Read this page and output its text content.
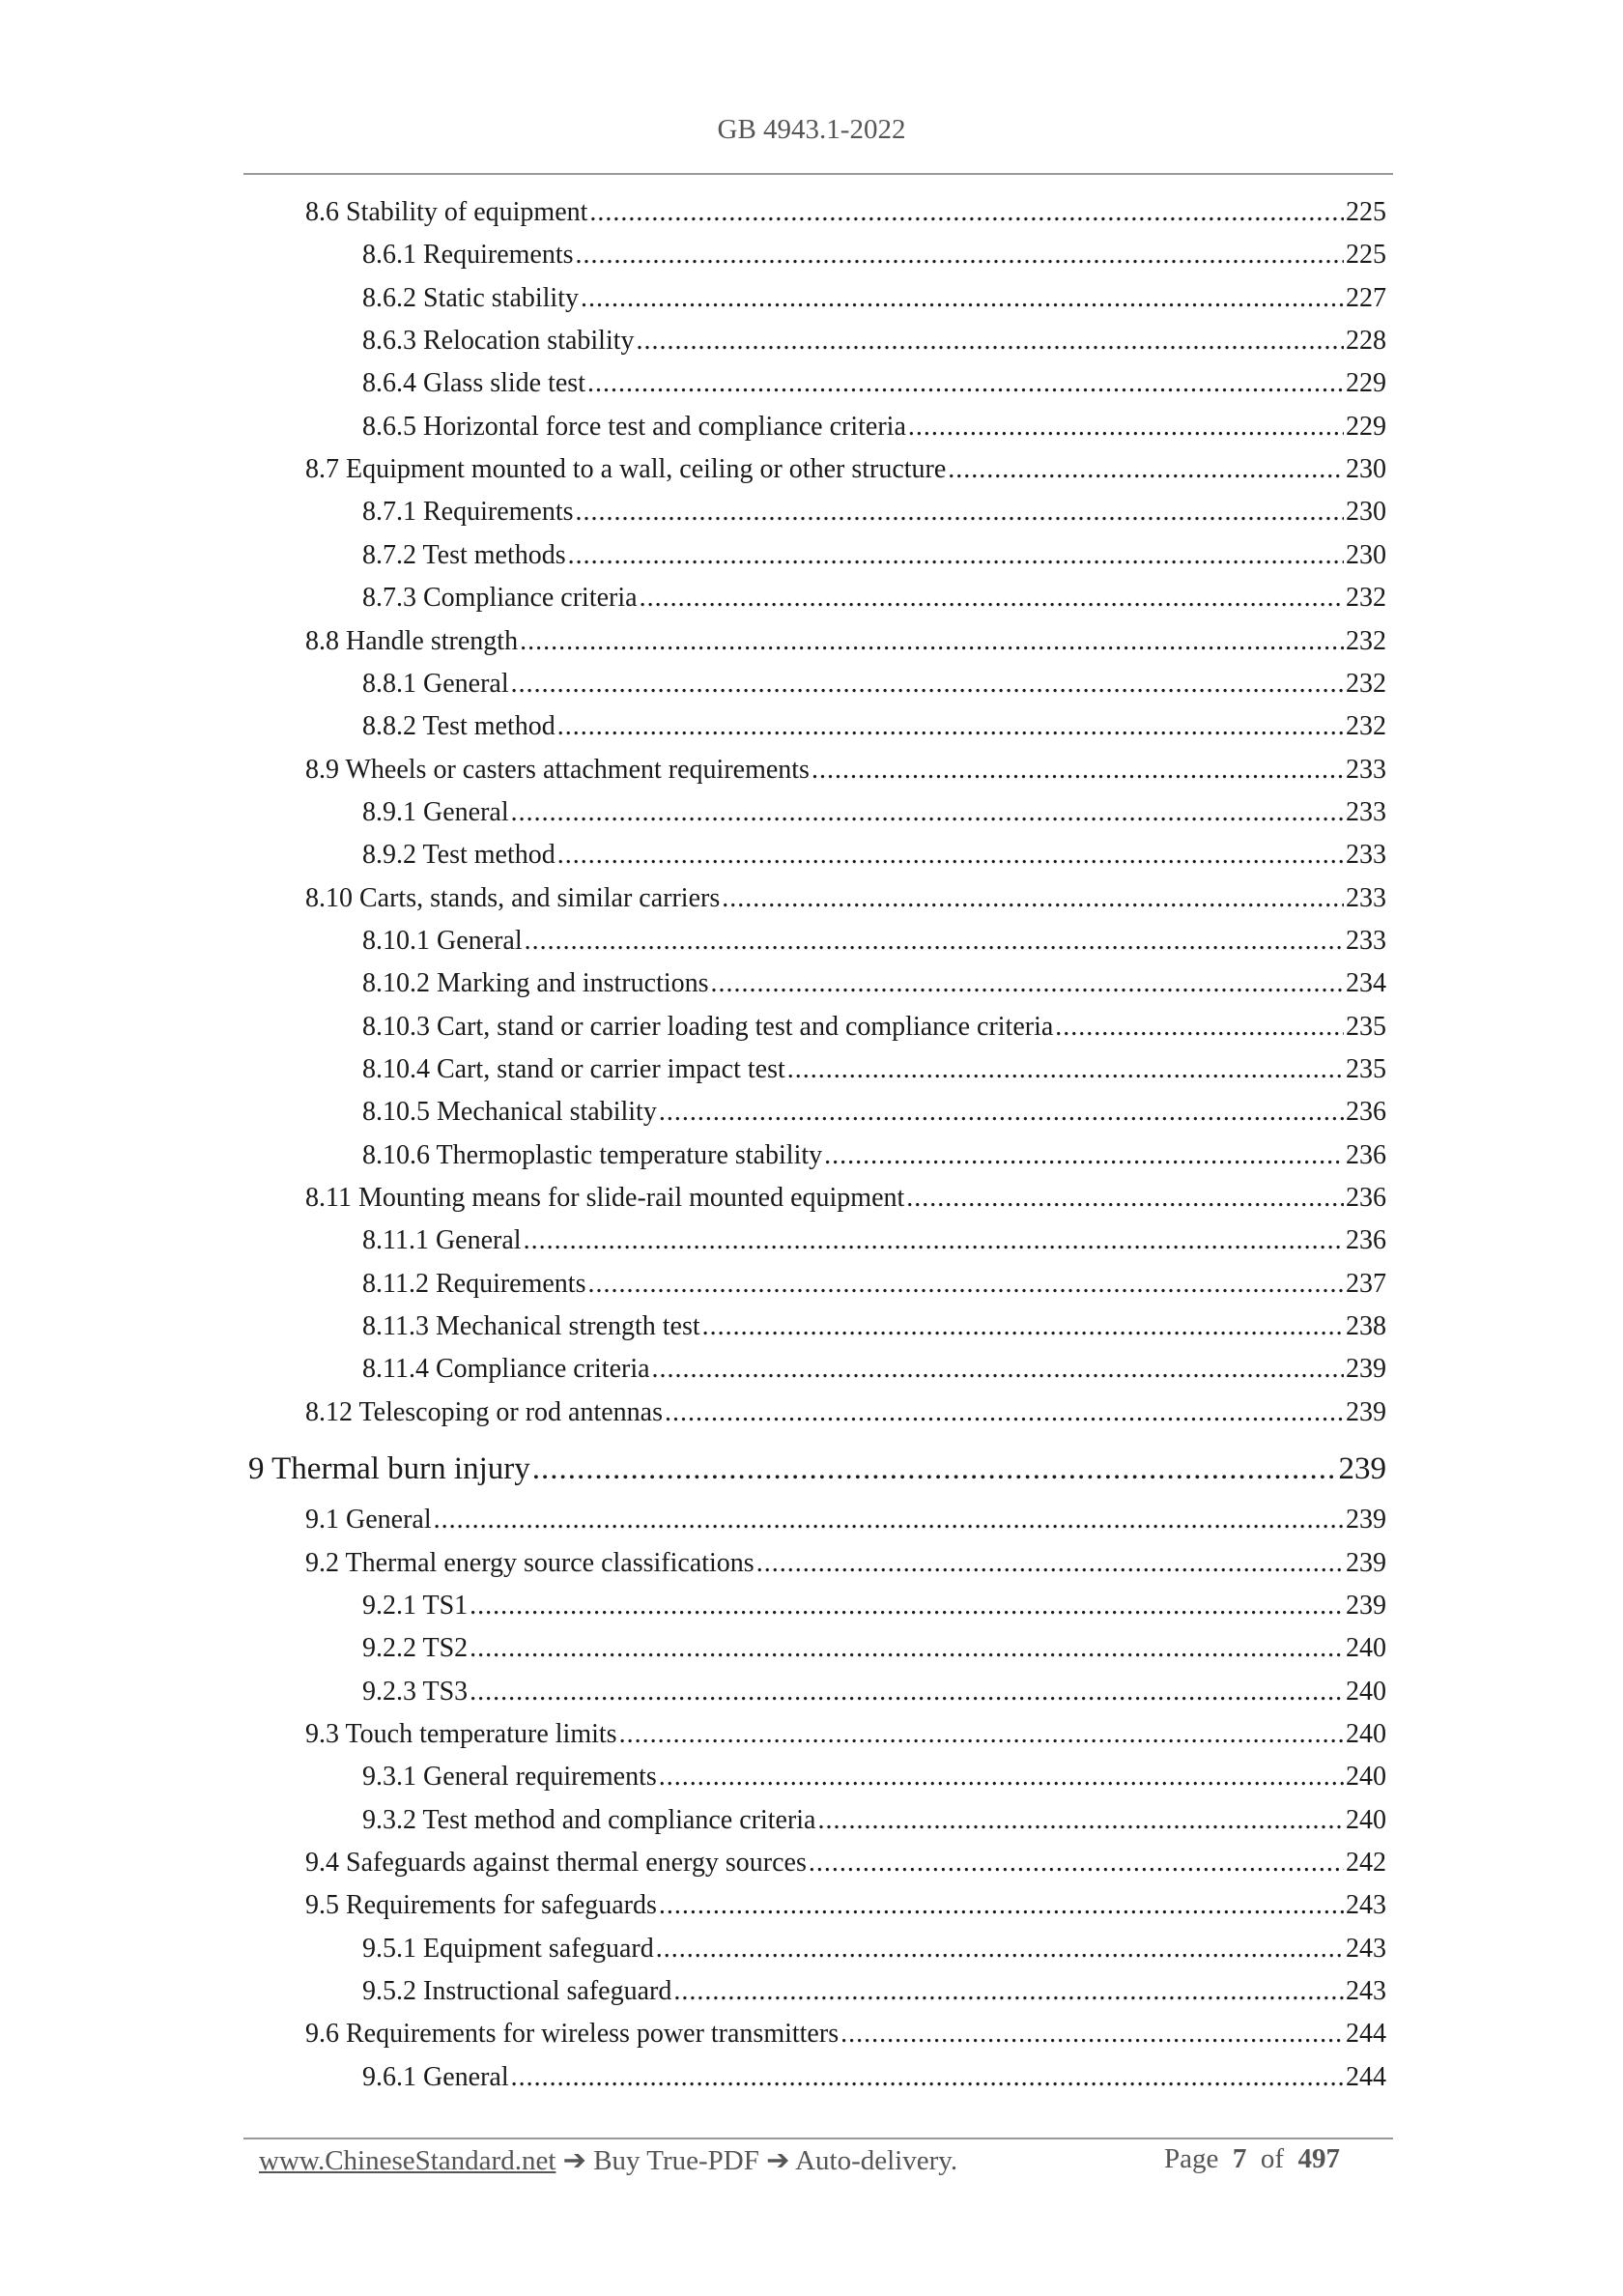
GB 4943.1-2022
8.6 Stability of equipment .....	225
8.6.1 Requirements .....	225
8.6.2 Static stability .....	227
8.6.3 Relocation stability .....	228
8.6.4 Glass slide test .....	229
8.6.5 Horizontal force test and compliance criteria .....	229
8.7 Equipment mounted to a wall, ceiling or other structure .....	230
8.7.1 Requirements .....	230
8.7.2 Test methods .....	230
8.7.3 Compliance criteria .....	232
8.8 Handle strength .....	232
8.8.1 General .....	232
8.8.2 Test method .....	232
8.9 Wheels or casters attachment requirements .....	233
8.9.1 General .....	233
8.9.2 Test method .....	233
8.10 Carts, stands, and similar carriers .....	233
8.10.1 General .....	233
8.10.2 Marking and instructions .....	234
8.10.3 Cart, stand or carrier loading test and compliance criteria .....	235
8.10.4 Cart, stand or carrier impact test .....	235
8.10.5 Mechanical stability .....	236
8.10.6 Thermoplastic temperature stability .....	236
8.11 Mounting means for slide-rail mounted equipment .....	236
8.11.1 General .....	236
8.11.2 Requirements .....	237
8.11.3 Mechanical strength test .....	238
8.11.4 Compliance criteria .....	239
8.12 Telescoping or rod antennas .....	239
9 Thermal burn injury .....	239
9.1 General .....	239
9.2 Thermal energy source classifications .....	239
9.2.1 TS1 .....	239
9.2.2 TS2 .....	240
9.2.3 TS3 .....	240
9.3 Touch temperature limits .....	240
9.3.1 General requirements .....	240
9.3.2 Test method and compliance criteria .....	240
9.4 Safeguards against thermal energy sources .....	242
9.5 Requirements for safeguards .....	243
9.5.1 Equipment safeguard .....	243
9.5.2 Instructional safeguard .....	243
9.6 Requirements for wireless power transmitters .....	244
9.6.1 General .....	244
www.ChineseStandard.net ➔ Buy True-PDF ➔ Auto-delivery.	Page 7 of 497
